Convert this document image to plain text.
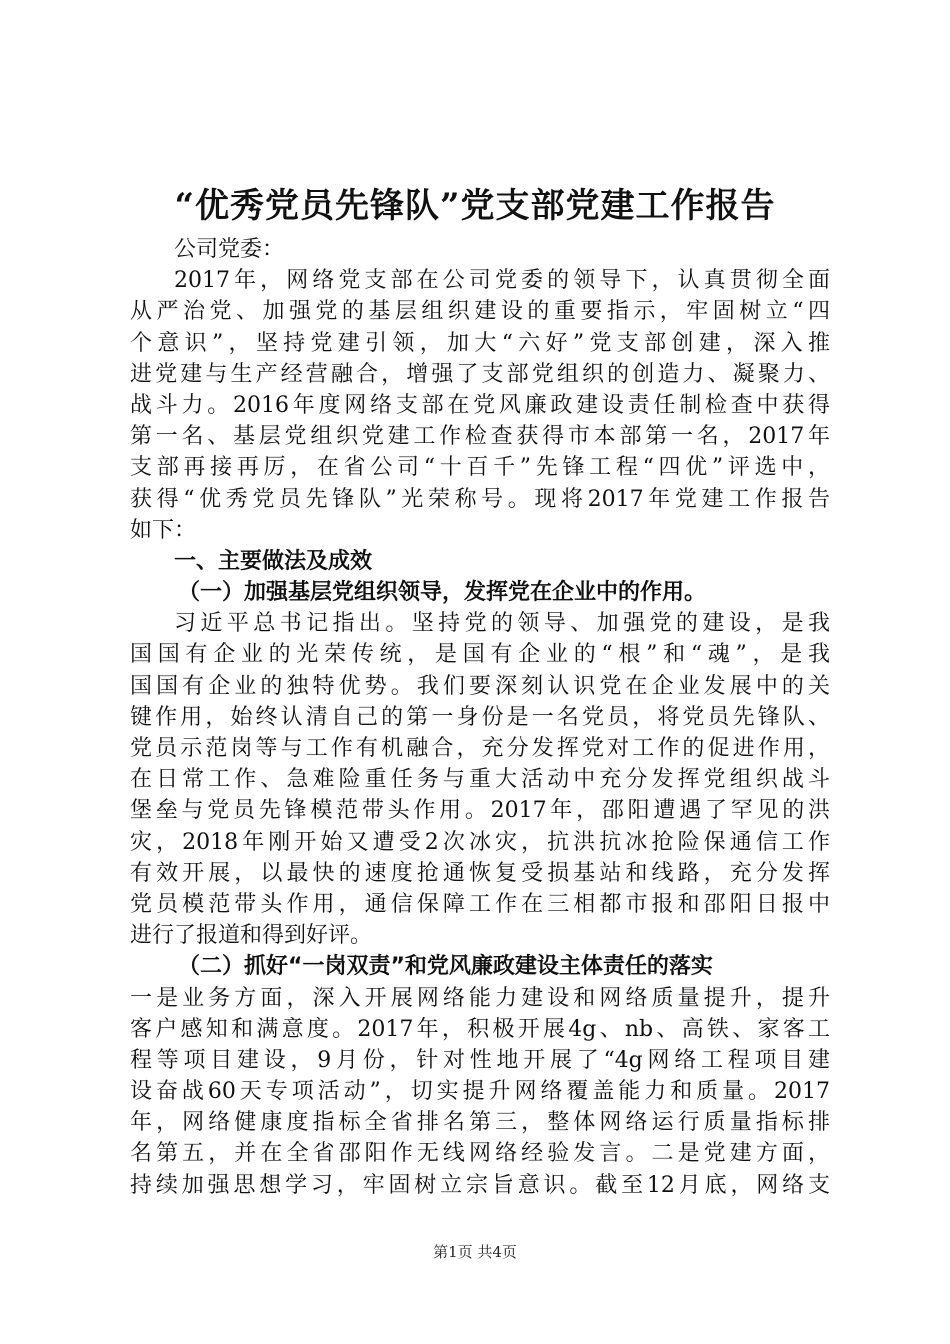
“优秀党员先锋队”党支部党建工作报告
公司党委：
2017年，网络党支部在公司党委的领导下，认真贯彻全面
从严治党、加强党的基层组织建设的重要指示，牢固树立“四
个意识”，坚持党建引领，加大“六好”党支部创建，深入推
进党建与生产经营融合，增强了支部党组织的创造力、凝聚力、
战斗力。2016年度网络支部在党风廉政建设责任制检查中获得
第一名、基层党组织党建工作检查获得市本部第一名，2017年
支部再接再厉，在省公司“十百千”先锋工程“四优”评选中，
获得“优秀党员先锋队”光荣称号。现将2017年党建工作报告
如下：
一、主要做法及成效
（一）加强基层党组织领导，发挥党在企业中的作用。
习近平总书记指出。坚持党的领导、加强党的建设，是我
国国有企业的光荣传统，是国有企业的“根”和“魂”，是我
国国有企业的独特优势。我们要深刻认识党在企业发展中的关
键作用，始终认清自己的第一身份是一名党员，将党员先锋队、
党员示范岗等与工作有机融合，充分发挥党对工作的促进作用，
在日常工作、急难险重任务与重大活动中充分发挥党组织战斗
堡垒与党员先锋模范带头作用。2017年，邵阳遭遇了罕见的洪
灾，2018年刚开始又遭受2次冰灾，抗洪抗冰抢险保通信工作
有效开展，以最快的速度抢通恢复受损基站和线路，充分发挥
党员模范带头作用，通信保障工作在三相都市报和邵阳日报中
进行了报道和得到好评。
（二）抓好“一岗双责”和党风廉政建设主体责任的落实
一是业务方面，深入开展网络能力建设和网络质量提升，提升
客户感知和满意度。2017年，积极开展4g、nb、高铁、家客工
程等项目建设，9月份，针对性地开展了“4g网络工程项目建
设奋战60天专项活动”，切实提升网络覆盖能力和质量。2017
年，网络健康度指标全省排名第三，整体网络运行质量指标排
名第五，并在全省邵阳作无线网络经验发言。二是党建方面，
持续加强思想学习，牢固树立宗旨意识。截至12月底，网络支
第1页 共4页
